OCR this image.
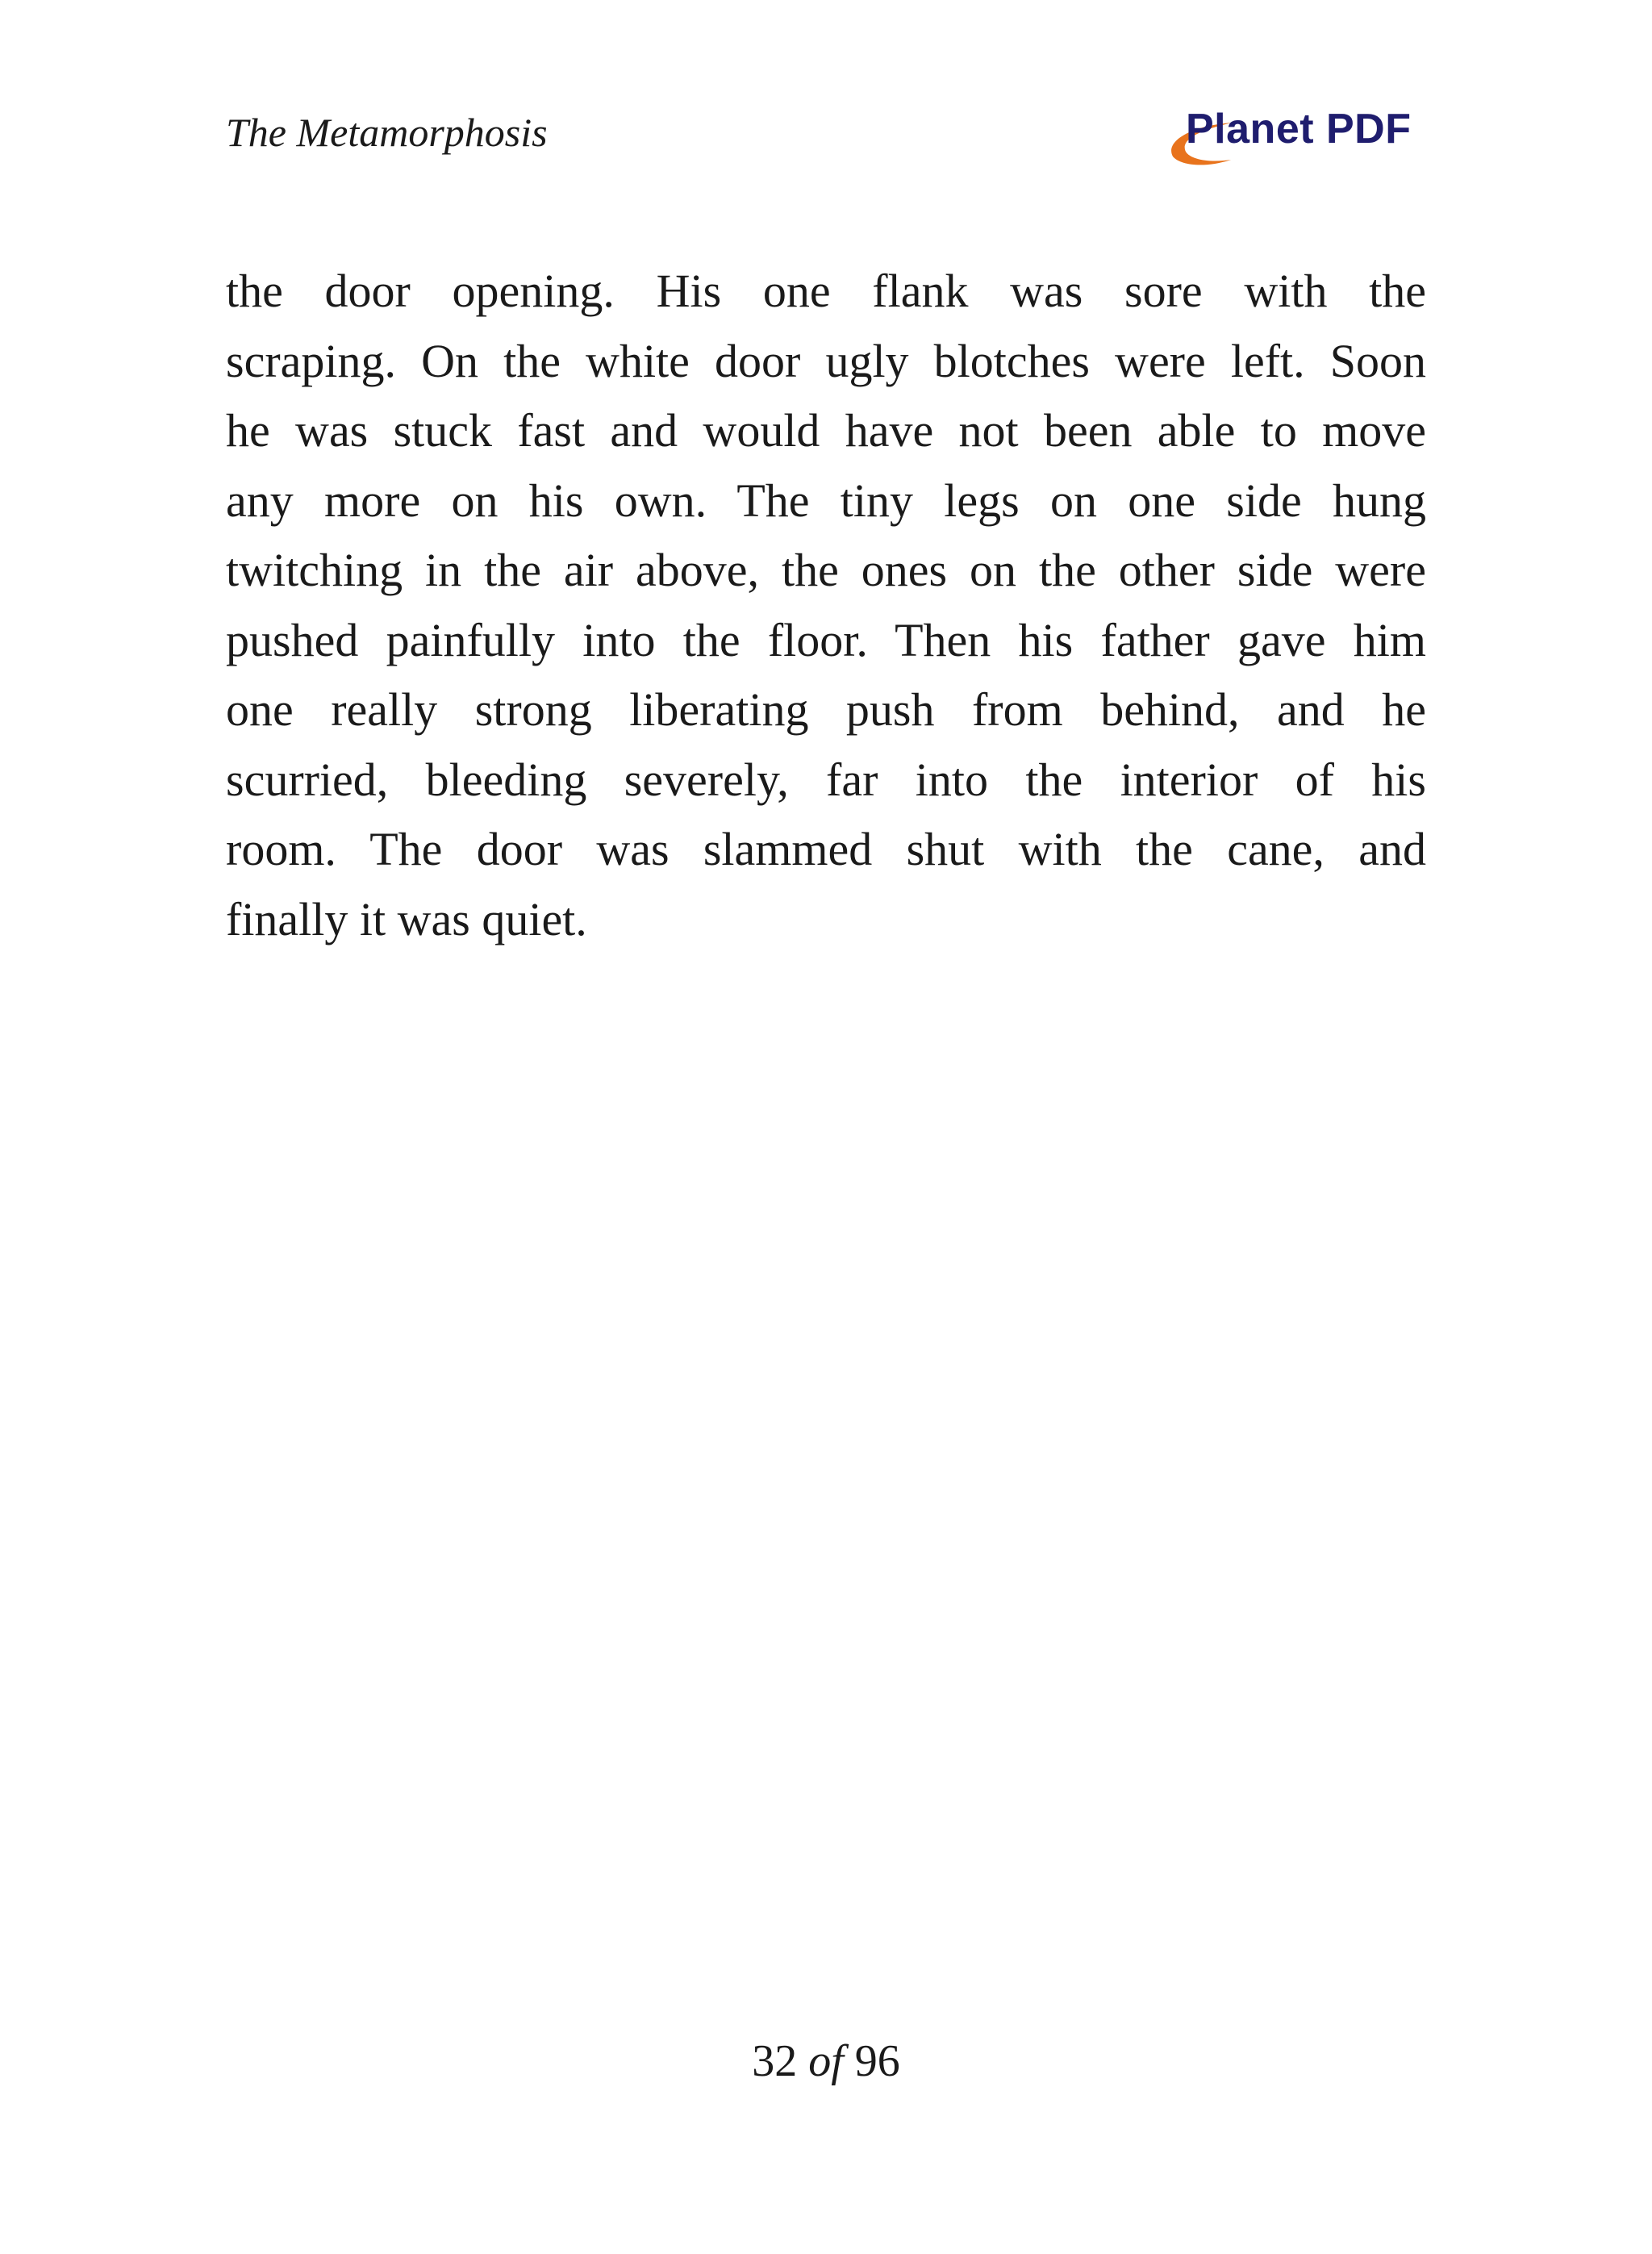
The Metamorphosis	Planet PDF
the door opening. His one flank was sore with the
scraping. On the white door ugly blotches were left. Soon
he was stuck fast and would have not been able to move
any more on his own. The tiny legs on one side hung
twitching in the air above, the ones on the other side were
pushed painfully into the floor. Then his father gave him
one really strong liberating push from behind, and he
scurried, bleeding severely, far into the interior of his
room. The door was slammed shut with the cane, and
finally it was quiet.
32 of 96
